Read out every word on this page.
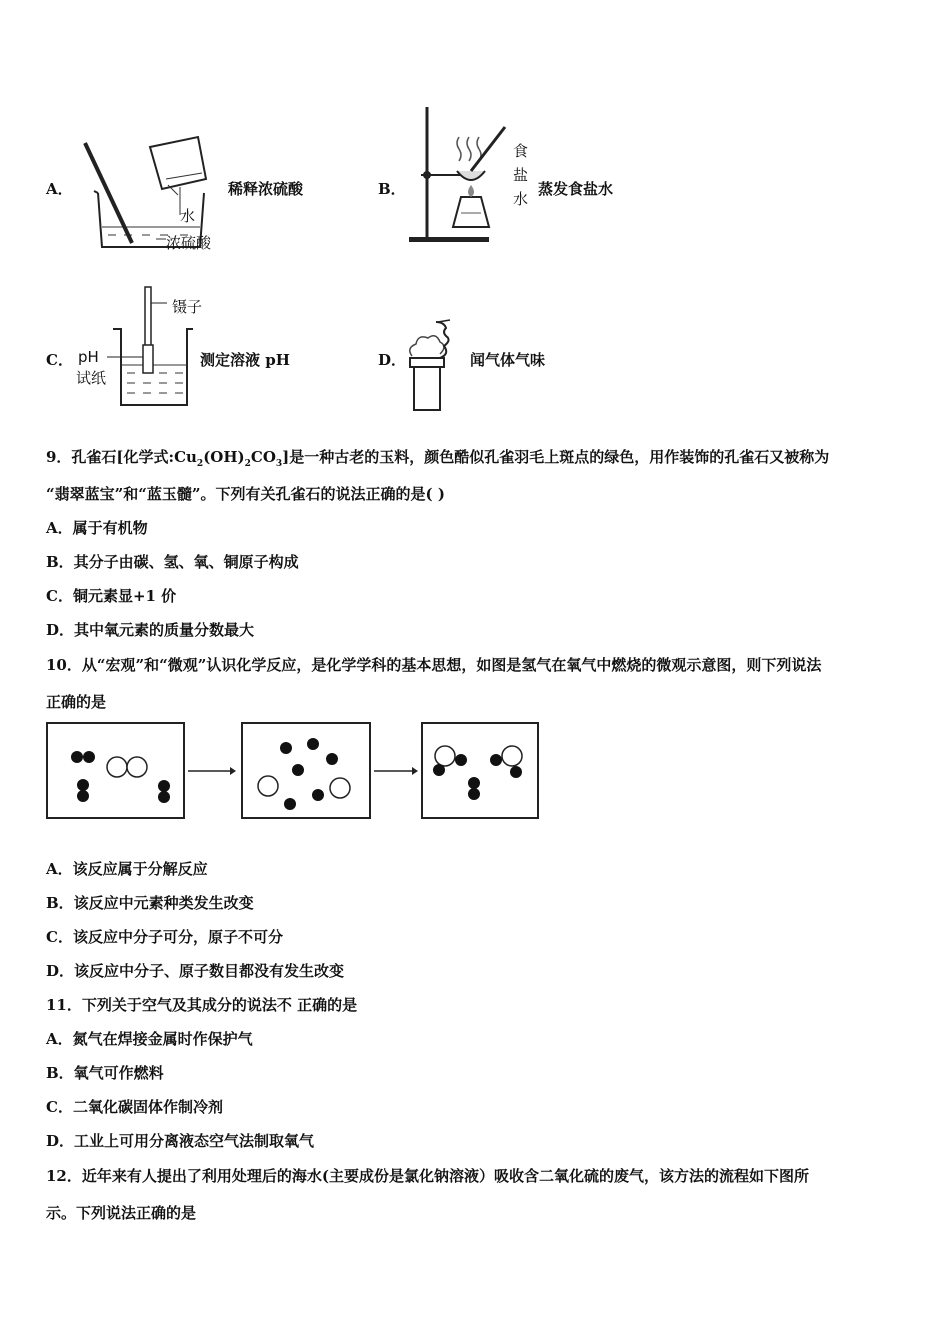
A．
水
浓硫酸
稀释浓硫酸	B．
食
盐
水
蒸发食盐水
C．
镊子
pH
试纸
测定溶液 pH	D．	闻气体气味
9．孔雀石[化学式$:Cu_2(OH)_2CO_3$]是一种古老的玉料，颜色酷似孔雀羽毛上斑点的绿色，用作装饰的孔雀石又被称为
“翡翠蓝宝”和“蓝玉髓”。下列有关孔雀石的说法正确的是( )
A．属于有机物
B．其分子由碳、氢、氧、铜原子构成
C．铜元素显+1 价
D．其中氧元素的质量分数最大
10．从“宏观”和“微观”认识化学反应，是化学学科的基本思想，如图是氢气在氧气中燃烧的微观示意图，则下列说法
正确的是
A．该反应属于分解反应
B．该反应中元素种类发生改变
C．该反应中分子可分，原子不可分
D．该反应中分子、原子数目都没有发生改变
11．下列关于空气及其成分的说法不 正确的是
A．氮气在焊接金属时作保护气
B．氧气可作燃料
C．二氧化碳固体作制冷剂
D．工业上可用分离液态空气法制取氧气
12．近年来有人提出了利用处理后的海水(主要成份是氯化钠溶液）吸收含二氧化硫的废气，该方法的流程如下图所
示。下列说法正确的是
